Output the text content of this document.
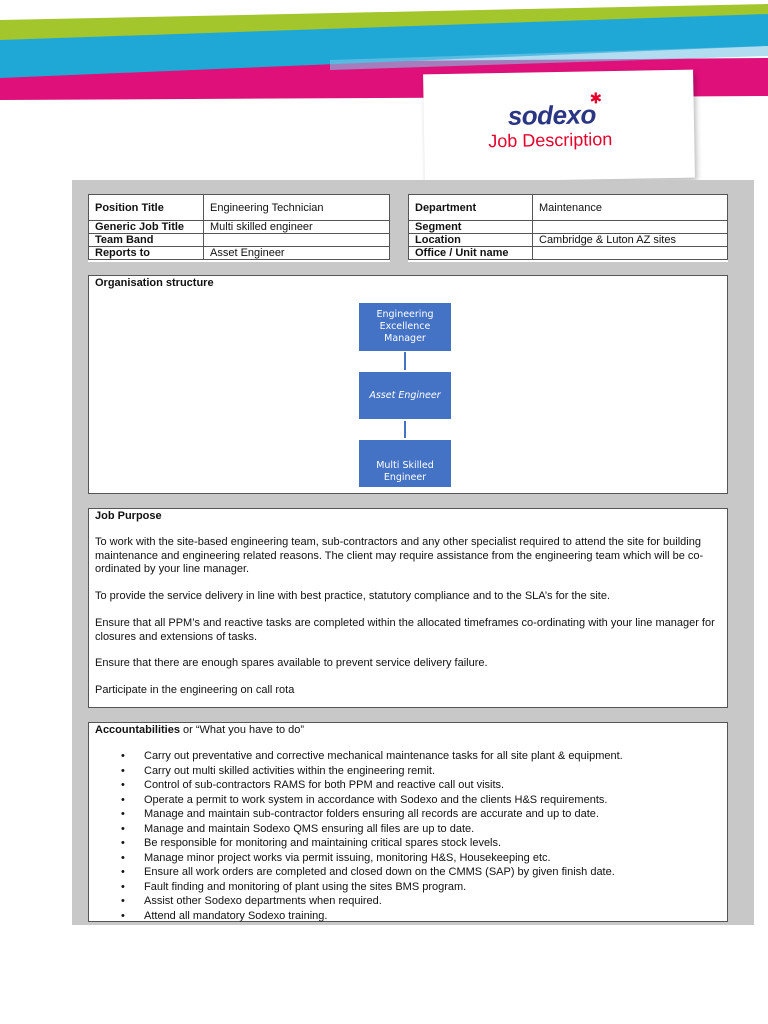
sodexo
✱
Job Description
Position Title	Engineering Technician
Generic Job Title	Multi skilled engineer
Team Band	
Reports to	Asset Engineer
Department	Maintenance
Segment	
Location	Cambridge & Luton AZ sites
Office / Unit name	
Organisation structure
Engineering Excellence Manager
Asset Engineer
Multi Skilled Engineer
Job Purpose

To work with the site-based engineering team, sub-contractors and any other specialist required to attend the site for building maintenance and engineering related reasons. The client may require assistance from the engineering team which will be co-ordinated by your line manager.

To provide the service delivery in line with best practice, statutory compliance and to the SLA’s for the site.

Ensure that all PPM’s and reactive tasks are completed within the allocated timeframes co-ordinating with your line manager for closures and extensions of tasks.

Ensure that there are enough spares available to prevent service delivery failure.

Participate in the engineering on call rota

Accountabilities or “What you have to do”
• Carry out preventative and corrective mechanical maintenance tasks for all site plant & equipment.
• Carry out multi skilled activities within the engineering remit.
• Control of sub-contractors RAMS for both PPM and reactive call out visits.
• Operate a permit to work system in accordance with Sodexo and the clients H&S requirements.
• Manage and maintain sub-contractor folders ensuring all records are accurate and up to date.
• Manage and maintain Sodexo QMS ensuring all files are up to date.
• Be responsible for monitoring and maintaining critical spares stock levels.
• Manage minor project works via permit issuing, monitoring H&S, Housekeeping etc.
• Ensure all work orders are completed and closed down on the CMMS (SAP) by given finish date.
• Fault finding and monitoring of plant using the sites BMS program.
• Assist other Sodexo departments when required.
• Attend all mandatory Sodexo training.
